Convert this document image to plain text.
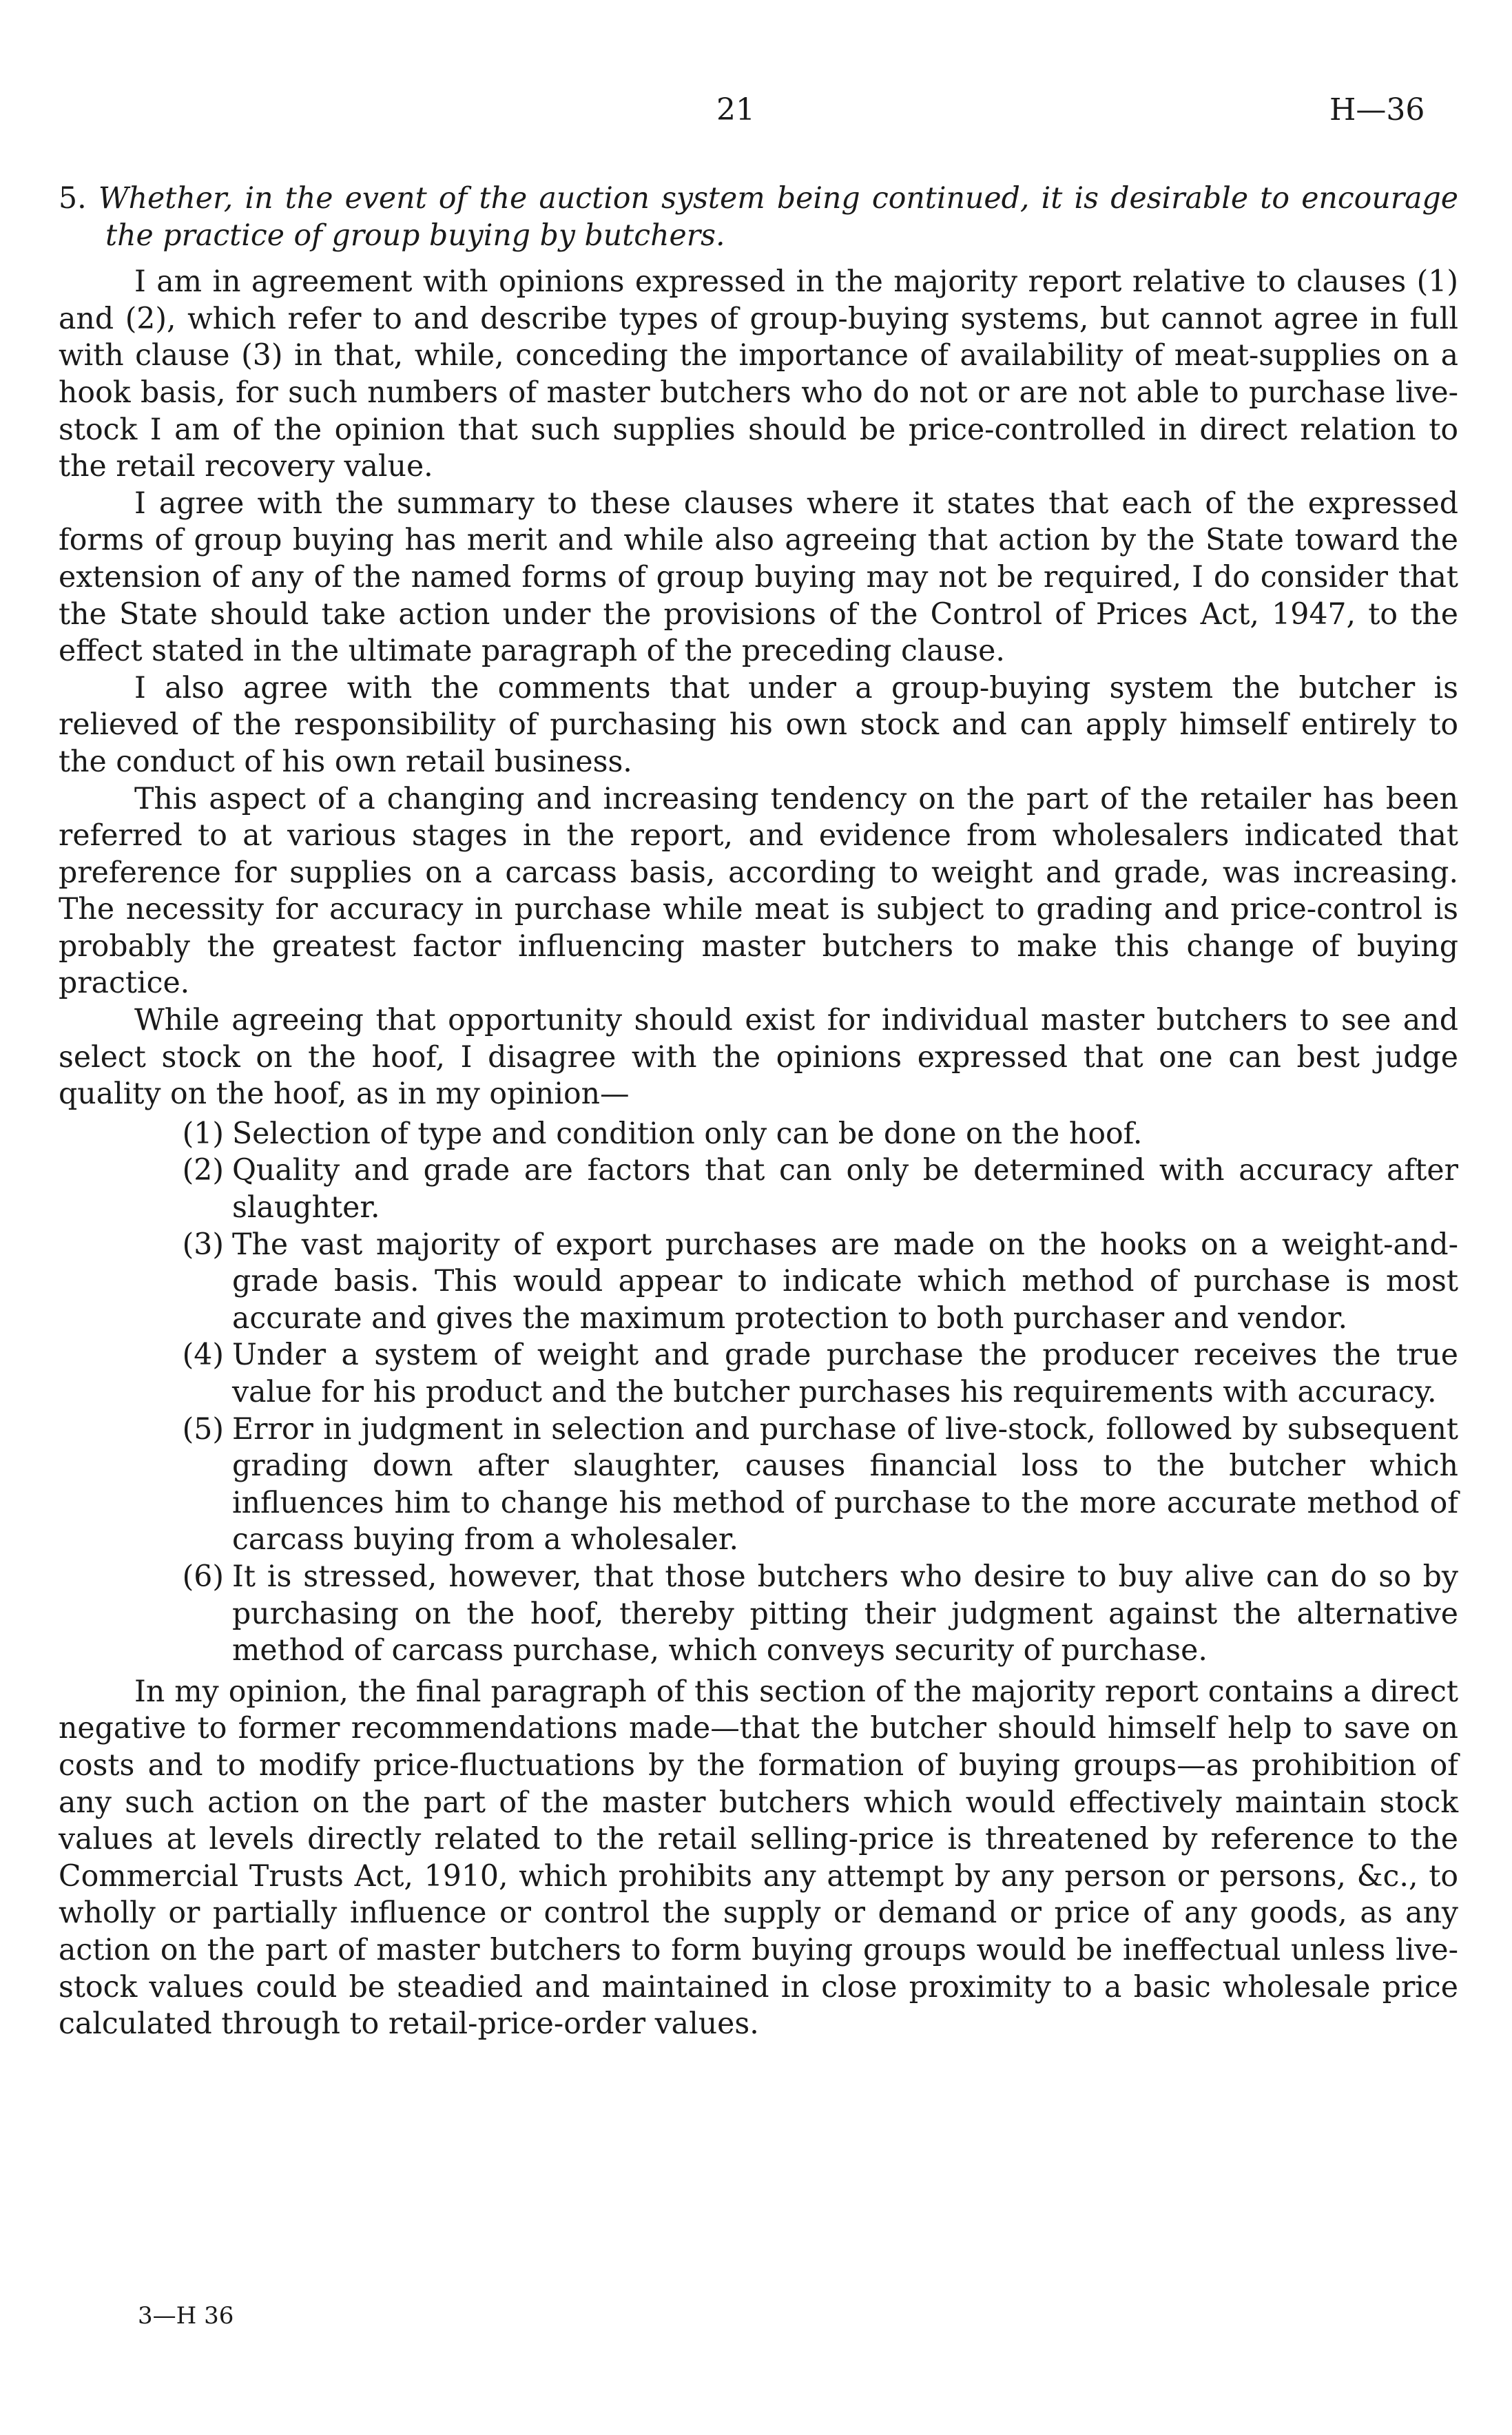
21	H—36

5. Whether, in the event of the auction system being continued, it is desirable to encourage the practice of group buying by butchers.

I am in agreement with opinions expressed in the majority report relative to clauses (1) and (2), which refer to and describe types of group-buying systems, but cannot agree in full with clause (3) in that, while, conceding the importance of availability of meat-supplies on a hook basis, for such numbers of master butchers who do not or are not able to purchase live-stock I am of the opinion that such supplies should be price-controlled in direct relation to the retail recovery value.

I agree with the summary to these clauses where it states that each of the expressed forms of group buying has merit and while also agreeing that action by the State toward the extension of any of the named forms of group buying may not be required, I do consider that the State should take action under the provisions of the Control of Prices Act, 1947, to the effect stated in the ultimate paragraph of the preceding clause.

I also agree with the comments that under a group-buying system the butcher is relieved of the responsibility of purchasing his own stock and can apply himself entirely to the conduct of his own retail business.

This aspect of a changing and increasing tendency on the part of the retailer has been referred to at various stages in the report, and evidence from wholesalers indicated that preference for supplies on a carcass basis, according to weight and grade, was increasing. The necessity for accuracy in purchase while meat is subject to grading and price-control is probably the greatest factor influencing master butchers to make this change of buying practice.

While agreeing that opportunity should exist for individual master butchers to see and select stock on the hoof, I disagree with the opinions expressed that one can best judge quality on the hoof, as in my opinion—

(1) Selection of type and condition only can be done on the hoof.
(2) Quality and grade are factors that can only be determined with accuracy after slaughter.
(3) The vast majority of export purchases are made on the hooks on a weight-and-grade basis. This would appear to indicate which method of purchase is most accurate and gives the maximum protection to both purchaser and vendor.
(4) Under a system of weight and grade purchase the producer receives the true value for his product and the butcher purchases his requirements with accuracy.
(5) Error in judgment in selection and purchase of live-stock, followed by subsequent grading down after slaughter, causes financial loss to the butcher which influences him to change his method of purchase to the more accurate method of carcass buying from a wholesaler.
(6) It is stressed, however, that those butchers who desire to buy alive can do so by purchasing on the hoof, thereby pitting their judgment against the alternative method of carcass purchase, which conveys security of purchase.

In my opinion, the final paragraph of this section of the majority report contains a direct negative to former recommendations made—that the butcher should himself help to save on costs and to modify price-fluctuations by the formation of buying groups—as prohibition of any such action on the part of the master butchers which would effectively maintain stock values at levels directly related to the retail selling-price is threatened by reference to the Commercial Trusts Act, 1910, which prohibits any attempt by any person or persons, &c., to wholly or partially influence or control the supply or demand or price of any goods, as any action on the part of master butchers to form buying groups would be ineffectual unless live-stock values could be steadied and maintained in close proximity to a basic wholesale price calculated through to retail-price-order values.

3—H 36
